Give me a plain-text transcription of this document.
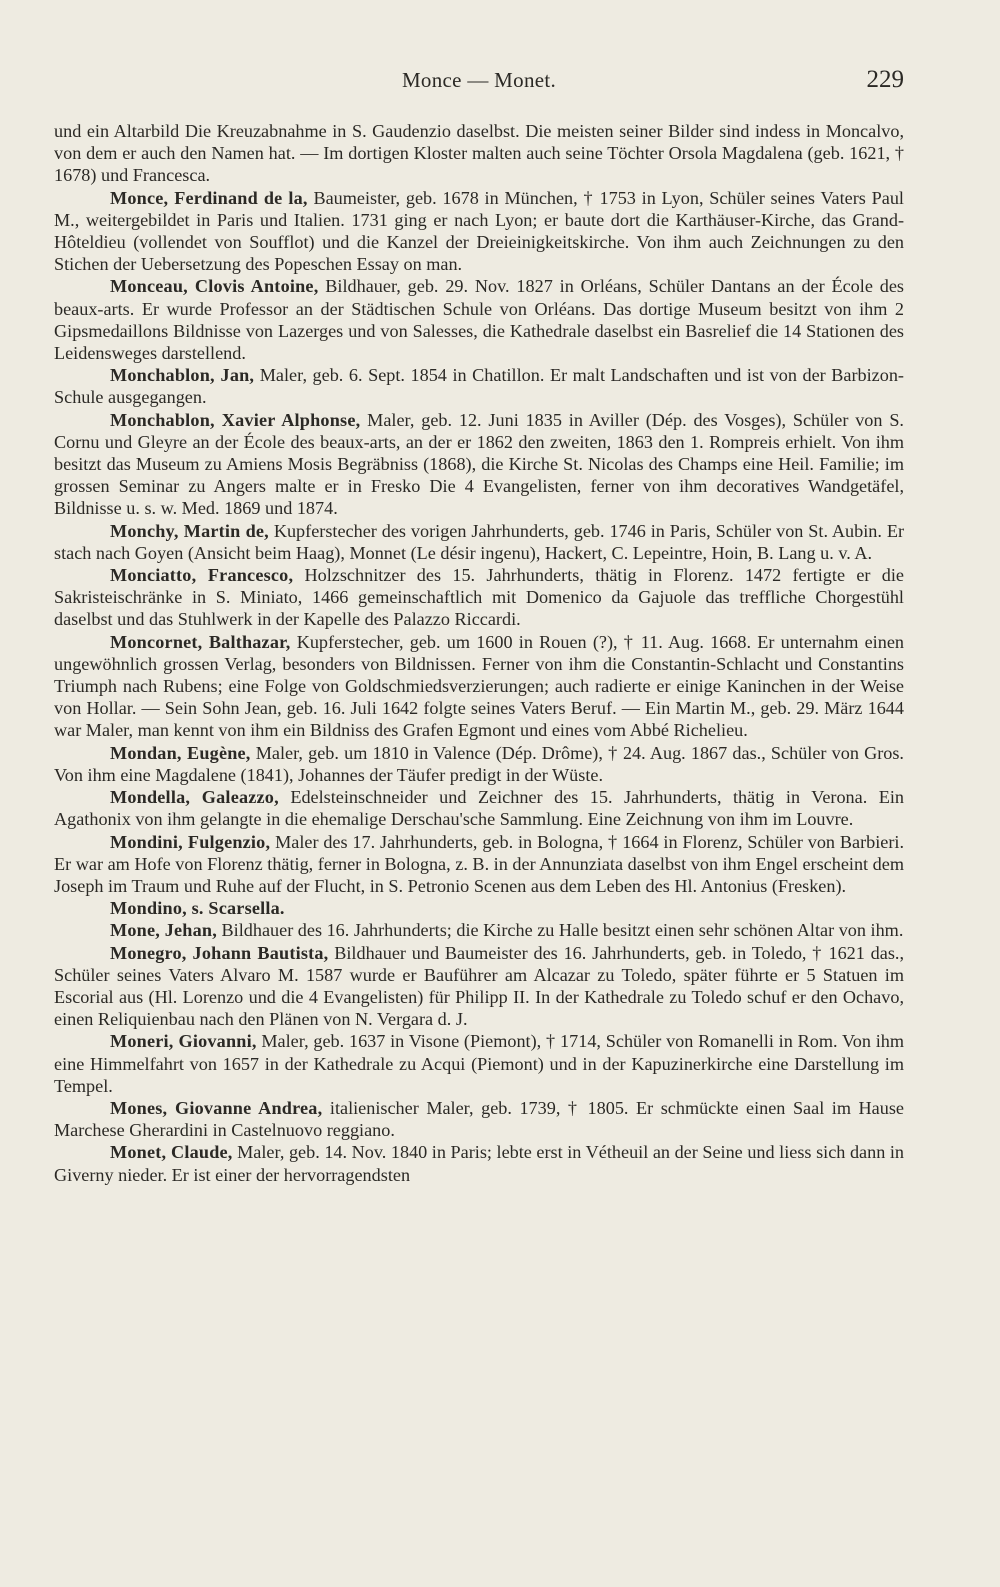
Monce — Monet.	229

und ein Altarbild Die Kreuzabnahme in S. Gaudenzio daselbst. Die meisten seiner Bilder sind indess in Moncalvo, von dem er auch den Namen hat. — Im dortigen Kloster malten auch seine Töchter Orsola Magdalena (geb. 1621, † 1678) und Francesca.

Monce, Ferdinand de la, Baumeister, geb. 1678 in München, † 1753 in Lyon, Schüler seines Vaters Paul M., weitergebildet in Paris und Italien. 1731 ging er nach Lyon; er baute dort die Karthäuser-Kirche, das Grand-Hôteldieu (vollendet von Soufflot) und die Kanzel der Dreieinigkeitskirche. Von ihm auch Zeichnungen zu den Stichen der Uebersetzung des Popeschen Essay on man.

Monceau, Clovis Antoine, Bildhauer, geb. 29. Nov. 1827 in Orléans, Schüler Dantans an der École des beaux-arts. Er wurde Professor an der Städtischen Schule von Orléans. Das dortige Museum besitzt von ihm 2 Gipsmedaillons Bildnisse von Lazerges und von Salesses, die Kathedrale daselbst ein Basrelief die 14 Stationen des Leidensweges darstellend.

Monchablon, Jan, Maler, geb. 6. Sept. 1854 in Chatillon. Er malt Landschaften und ist von der Barbizon-Schule ausgegangen.

Monchablon, Xavier Alphonse, Maler, geb. 12. Juni 1835 in Aviller (Dép. des Vosges), Schüler von S. Cornu und Gleyre an der École des beaux-arts, an der er 1862 den zweiten, 1863 den 1. Rompreis erhielt. Von ihm besitzt das Museum zu Amiens Mosis Begräbniss (1868), die Kirche St. Nicolas des Champs eine Heil. Familie; im grossen Seminar zu Angers malte er in Fresko Die 4 Evangelisten, ferner von ihm decoratives Wandgetäfel, Bildnisse u. s. w. Med. 1869 und 1874.

Monchy, Martin de, Kupferstecher des vorigen Jahrhunderts, geb. 1746 in Paris, Schüler von St. Aubin. Er stach nach Goyen (Ansicht beim Haag), Monnet (Le désir ingenu), Hackert, C. Lepeintre, Hoin, B. Lang u. v. A.

Monciatto, Francesco, Holzschnitzer des 15. Jahrhunderts, thätig in Florenz. 1472 fertigte er die Sakristeischränke in S. Miniato, 1466 gemeinschaftlich mit Domenico da Gajuole das treffliche Chorgestühl daselbst und das Stuhlwerk in der Kapelle des Palazzo Riccardi.

Moncornet, Balthazar, Kupferstecher, geb. um 1600 in Rouen (?), † 11. Aug. 1668. Er unternahm einen ungewöhnlich grossen Verlag, besonders von Bildnissen. Ferner von ihm die Constantin-Schlacht und Constantins Triumph nach Rubens; eine Folge von Goldschmiedsverzierungen; auch radierte er einige Kaninchen in der Weise von Hollar. — Sein Sohn Jean, geb. 16. Juli 1642 folgte seines Vaters Beruf. — Ein Martin M., geb. 29. März 1644 war Maler, man kennt von ihm ein Bildniss des Grafen Egmont und eines vom Abbé Richelieu.

Mondan, Eugène, Maler, geb. um 1810 in Valence (Dép. Drôme), † 24. Aug. 1867 das., Schüler von Gros. Von ihm eine Magdalene (1841), Johannes der Täufer predigt in der Wüste.

Mondella, Galeazzo, Edelsteinschneider und Zeichner des 15. Jahrhunderts, thätig in Verona. Ein Agathonix von ihm gelangte in die ehemalige Derschau'sche Sammlung. Eine Zeichnung von ihm im Louvre.

Mondini, Fulgenzio, Maler des 17. Jahrhunderts, geb. in Bologna, † 1664 in Florenz, Schüler von Barbieri. Er war am Hofe von Florenz thätig, ferner in Bologna, z. B. in der Annunziata daselbst von ihm Engel erscheint dem Joseph im Traum und Ruhe auf der Flucht, in S. Petronio Scenen aus dem Leben des Hl. Antonius (Fresken).

Mondino, s. Scarsella.

Mone, Jehan, Bildhauer des 16. Jahrhunderts; die Kirche zu Halle besitzt einen sehr schönen Altar von ihm.

Monegro, Johann Bautista, Bildhauer und Baumeister des 16. Jahrhunderts, geb. in Toledo, † 1621 das., Schüler seines Vaters Alvaro M. 1587 wurde er Bauführer am Alcazar zu Toledo, später führte er 5 Statuen im Escorial aus (Hl. Lorenzo und die 4 Evangelisten) für Philipp II. In der Kathedrale zu Toledo schuf er den Ochavo, einen Reliquienbau nach den Plänen von N. Vergara d. J.

Moneri, Giovanni, Maler, geb. 1637 in Visone (Piemont), † 1714, Schüler von Romanelli in Rom. Von ihm eine Himmelfahrt von 1657 in der Kathedrale zu Acqui (Piemont) und in der Kapuzinerkirche eine Darstellung im Tempel.

Mones, Giovanne Andrea, italienischer Maler, geb. 1739, † 1805. Er schmückte einen Saal im Hause Marchese Gherardini in Castelnuovo reggiano.

Monet, Claude, Maler, geb. 14. Nov. 1840 in Paris; lebte erst in Vétheuil an der Seine und liess sich dann in Giverny nieder. Er ist einer der hervorragendsten
